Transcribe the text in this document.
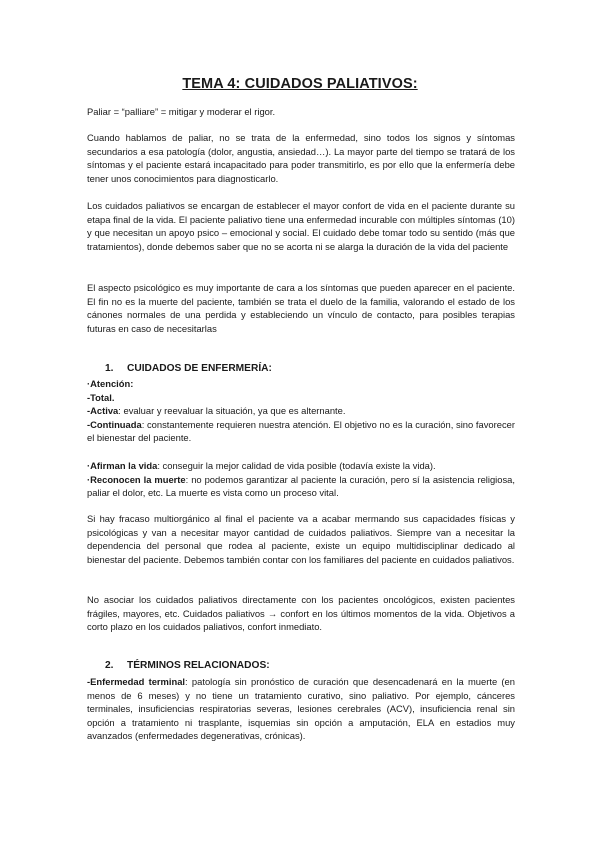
TEMA 4: CUIDADOS PALIATIVOS:
Paliar = “palliare” = mitigar y moderar el rigor.
Cuando hablamos de paliar, no se trata de la enfermedad, sino todos los signos y síntomas secundarios a esa patología (dolor, angustia, ansiedad…). La mayor parte del tiempo se tratará de los síntomas y el paciente estará incapacitado para poder transmitirlo, es por ello que la enfermería debe tener unos conocimientos para diagnosticarlo.
Los cuidados paliativos se encargan de establecer el mayor confort de vida en el paciente durante su etapa final de la vida. El paciente paliativo tiene una enfermedad incurable con múltiples síntomas (10) y que necesitan un apoyo psico – emocional y social. El cuidado debe tomar todo su sentido (más que tratamientos), donde debemos saber que no se acorta ni se alarga la duración de la vida del paciente
El aspecto psicológico es muy importante de cara a los síntomas que pueden aparecer en el paciente. El fin no es la muerte del paciente, también se trata el duelo de la familia, valorando el estado de los cánones normales de una perdida y estableciendo un vínculo de contacto, para posibles terapias futuras en caso de necesitarlas
1. CUIDADOS DE ENFERMERÍA:
·Atención:
-Total.
-Activa: evaluar y reevaluar la situación, ya que es alternante.
-Continuada: constantemente requieren nuestra atención. El objetivo no es la curación, sino favorecer el bienestar del paciente.
·Afirman la vida: conseguir la mejor calidad de vida posible (todavía existe la vida).
·Reconocen la muerte: no podemos garantizar al paciente la curación, pero sí la asistencia religiosa, paliar el dolor, etc. La muerte es vista como un proceso vital.
Si hay fracaso multiorgánico al final el paciente va a acabar mermando sus capacidades físicas y psicológicas y van a necesitar mayor cantidad de cuidados paliativos. Siempre van a necesitar la dependencia del personal que rodea al paciente, existe un equipo multidisciplinar dedicado al bienestar del paciente. Debemos también contar con los familiares del paciente en cuidados paliativos.
No asociar los cuidados paliativos directamente con los pacientes oncológicos, existen pacientes frágiles, mayores, etc. Cuidados paliativos → confort en los últimos momentos de la vida. Objetivos a corto plazo en los cuidados paliativos, confort inmediato.
2. TÉRMINOS RELACIONADOS:
-Enfermedad terminal: patología sin pronóstico de curación que desencadenará en la muerte (en menos de 6 meses) y no tiene un tratamiento curativo, sino paliativo. Por ejemplo, cánceres terminales, insuficiencias respiratorias severas, lesiones cerebrales (ACV), insuficiencia renal sin opción a tratamiento ni trasplante, isquemias sin opción a amputación, ELA en estadios muy avanzados (enfermedades degenerativas, crónicas).
